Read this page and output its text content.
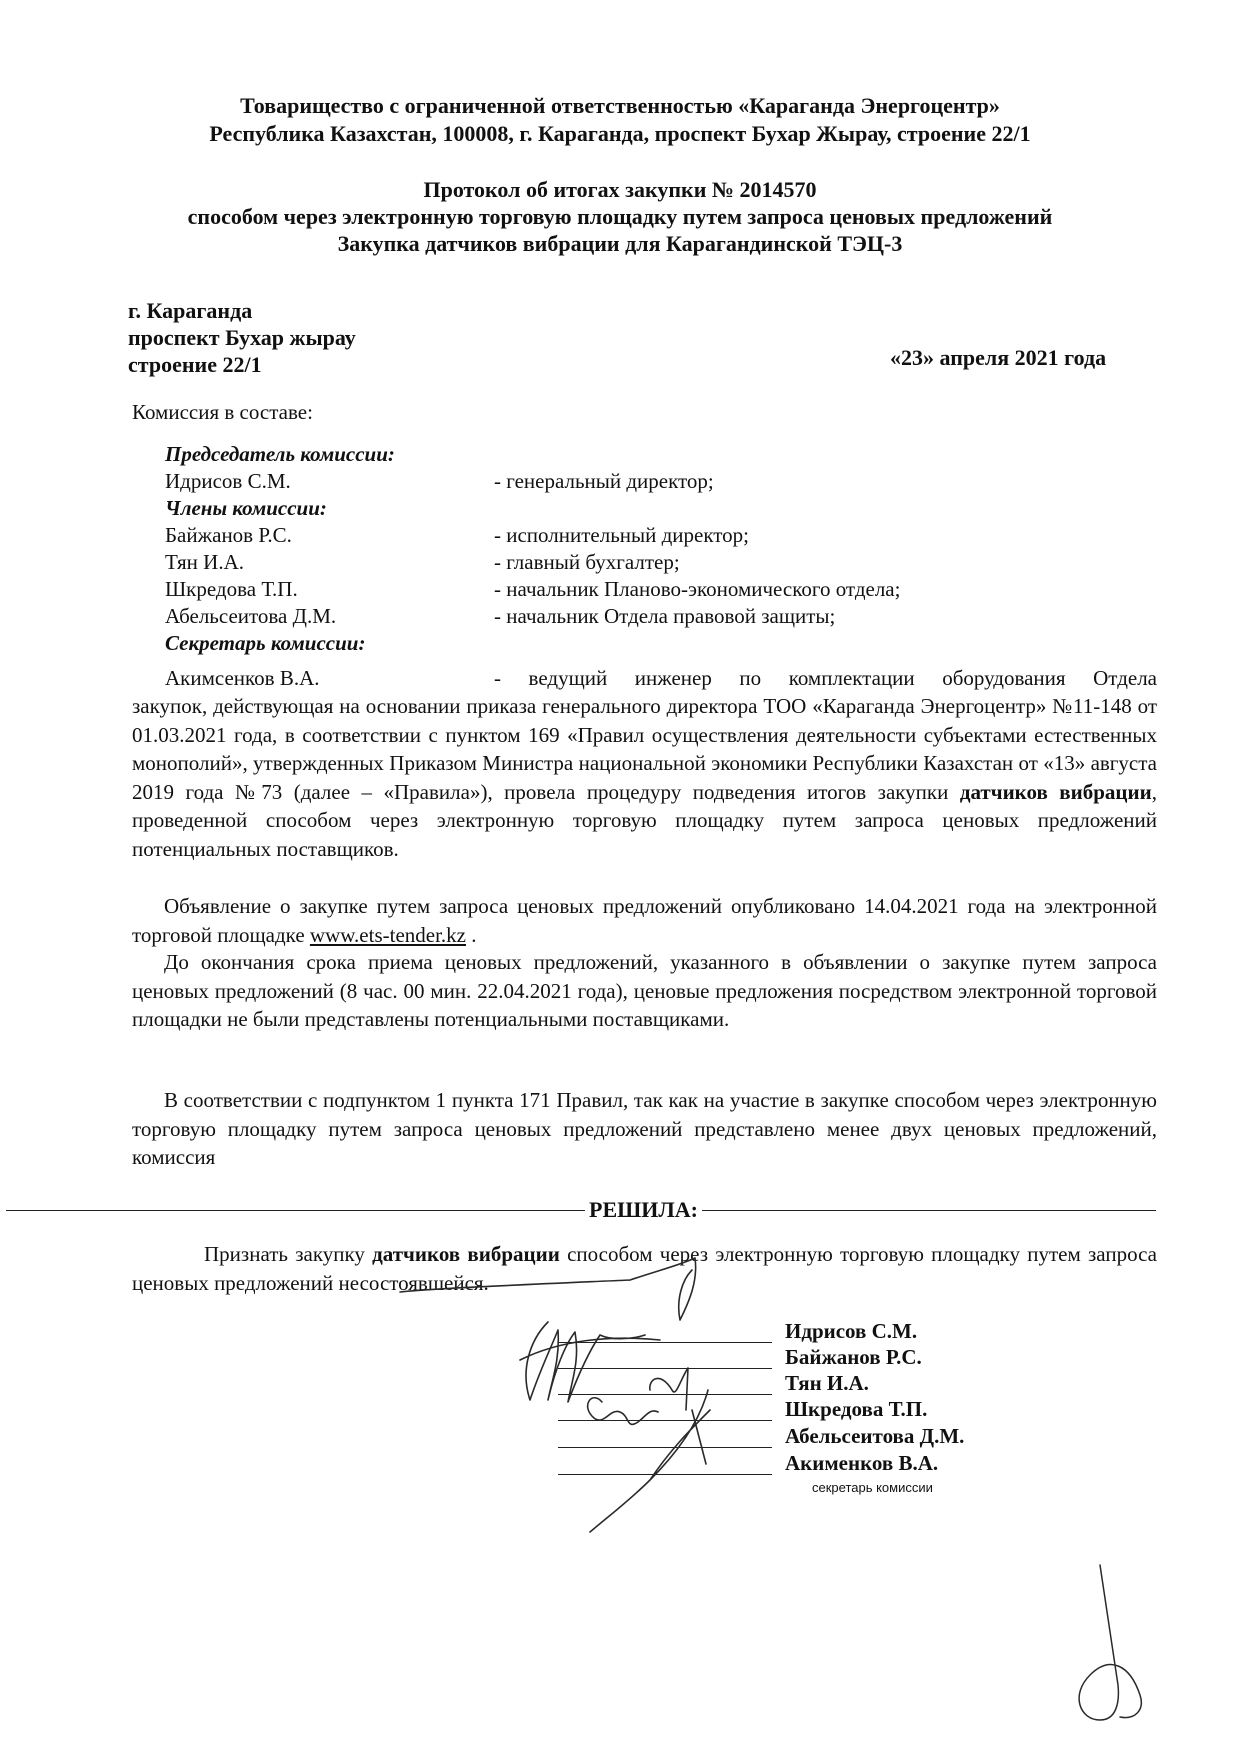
Товарищество с ограниченной ответственностью «Караганда Энергоцентр»
Республика Казахстан, 100008, г. Караганда, проспект Бухар Жырау, строение 22/1
Протокол об итогах закупки № 2014570
способом через электронную торговую площадку путем запроса ценовых предложений
Закупка датчиков вибрации для Карагандинской ТЭЦ-3
г. Караганда
проспект Бухар жырау
строение 22/1	«23» апреля 2021 года
Комиссия в составе:
Председатель комиссии:
Идрисов С.М.	- генеральный директор;
Члены комиссии:
Байжанов Р.С.	- исполнительный директор;
Тян И.А.	- главный бухгалтер;
Шкредова Т.П.	- начальник Планово-экономического отдела;
Абельсеитова Д.М.	- начальник Отдела правовой защиты;
Секретарь комиссии:
Акимсенков В.А.	- ведущий инженер по комплектации оборудования Отдела
закупок, действующая на основании приказа генерального директора ТОО «Караганда Энергоцентр» №11-148 от 01.03.2021 года, в соответствии с пунктом 169 «Правил осуществления деятельности субъектами естественных монополий», утвержденных Приказом Министра национальной экономики Республики Казахстан от «13» августа 2019 года №73 (далее – «Правила»), провела процедуру подведения итогов закупки датчиков вибрации, проведенной способом через электронную торговую площадку путем запроса ценовых предложений потенциальных поставщиков.
Объявление о закупке путем запроса ценовых предложений опубликовано 14.04.2021 года на электронной торговой площадке www.ets-tender.kz .
До окончания срока приема ценовых предложений, указанного в объявлении о закупке путем запроса ценовых предложений (8 час. 00 мин. 22.04.2021 года), ценовые предложения посредством электронной торговой площадки не были представлены потенциальными поставщиками.
В соответствии с подпунктом 1 пункта 171 Правил, так как на участие в закупке способом через электронную торговую площадку путем запроса ценовых предложений представлено менее двух ценовых предложений, комиссия
РЕШИЛА:
Признать закупку датчиков вибрации способом через электронную торговую площадку путем запроса ценовых предложений несостоявшейся.
Идрисов С.М.
Байжанов Р.С.
Тян И.А.
Шкредова Т.П.
Абельсеитова Д.М.
Акименков В.А.
секретарь комиссии
